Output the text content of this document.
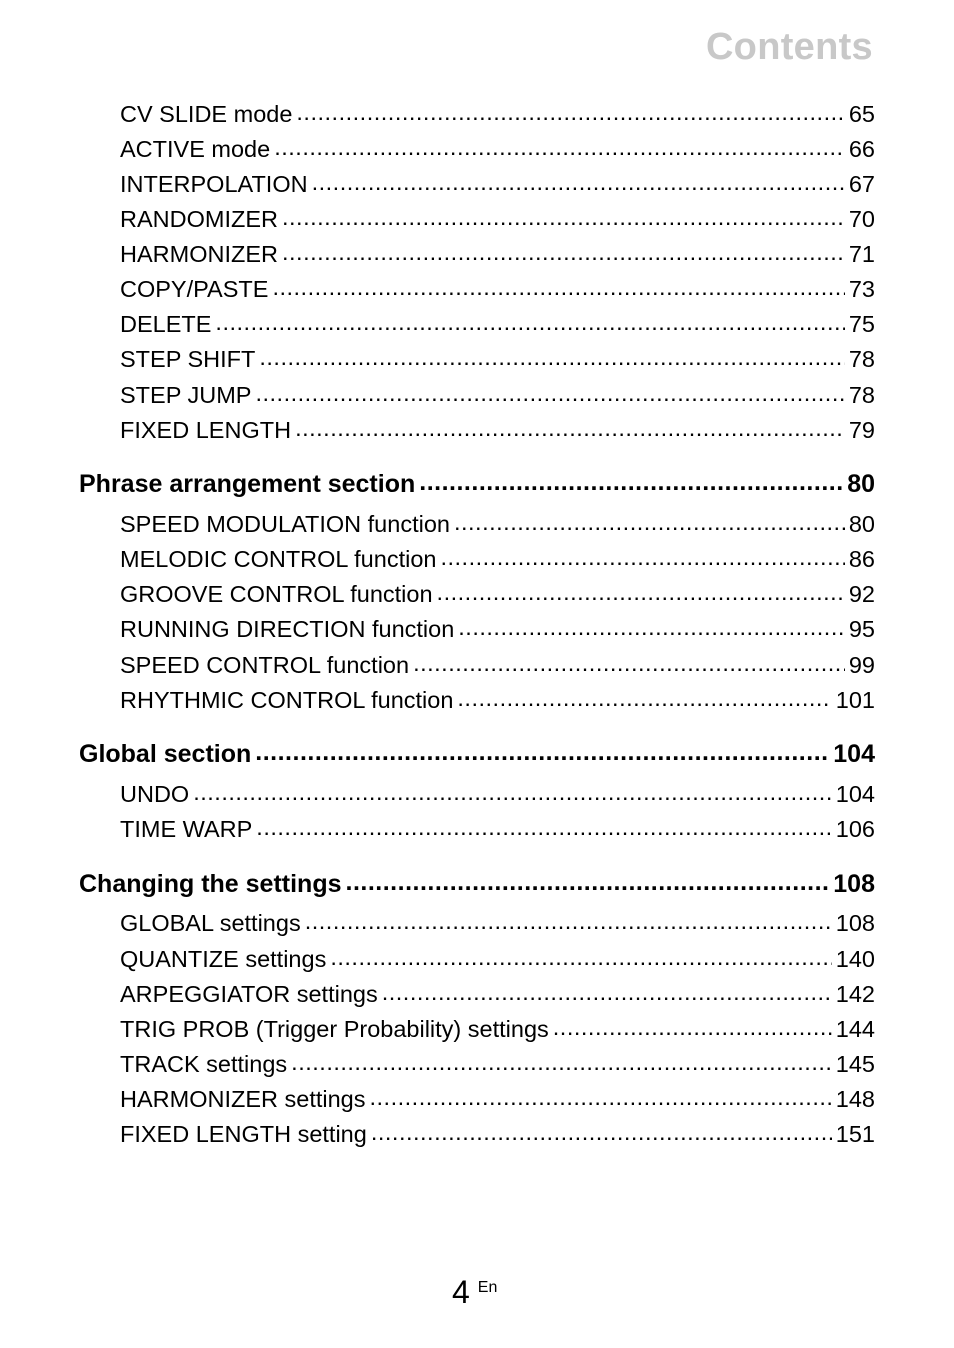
Contents
CV SLIDE mode .....	65
ACTIVE mode .....	66
INTERPOLATION .....	67
RANDOMIZER .....	70
HARMONIZER .....	71
COPY/PASTE .....	73
DELETE .....	75
STEP SHIFT .....	78
STEP JUMP .....	78
FIXED LENGTH .....	79
Phrase arrangement section .....	80
SPEED MODULATION function .....	80
MELODIC CONTROL function .....	86
GROOVE CONTROL function .....	92
RUNNING DIRECTION function .....	95
SPEED CONTROL function .....	99
RHYTHMIC CONTROL function .....	101
Global section .....	104
UNDO .....	104
TIME WARP .....	106
Changing the settings .....	108
GLOBAL settings .....	108
QUANTIZE settings .....	140
ARPEGGIATOR settings .....	142
TRIG PROB (Trigger Probability) settings .....	144
TRACK settings .....	145
HARMONIZER settings .....	148
FIXED LENGTH setting .....	151
4 En
